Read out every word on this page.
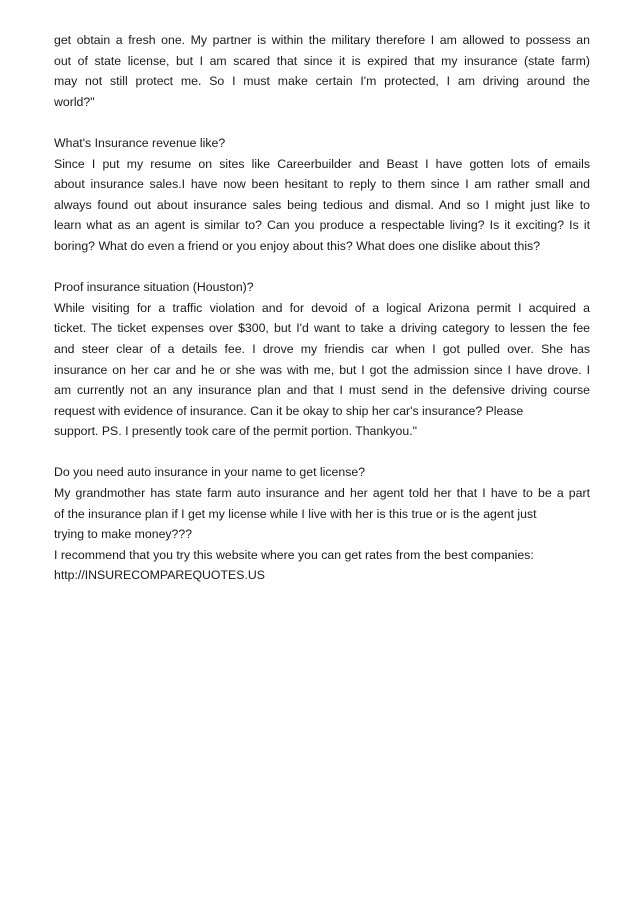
get obtain a fresh one. My partner is within the military therefore I am allowed to possess an
out of state license, but I am scared that since it is expired that my insurance (state farm)
may not still protect me. So I must make certain I'm protected, I am driving around the
world?"
What's Insurance revenue like?
Since I put my resume on sites like Careerbuilder and Beast I have gotten lots of emails
about insurance sales.I have now been hesitant to reply to them since I am rather small and
always found out about insurance sales being tedious and dismal. And so I might just like to
learn what as an agent is similar to? Can you produce a respectable living? Is it exciting? Is it
boring? What do even a friend or you enjoy about this? What does one dislike about this?
Proof insurance situation (Houston)?
While visiting for a traffic violation and for devoid of a logical Arizona permit I acquired a
ticket. The ticket expenses over $300, but I'd want to take a driving category to lessen the fee
and steer clear of a details fee. I drove my friendis car when I got pulled over. She has
insurance on her car and he or she was with me, but I got the admission since I have drove. I
am currently not an any insurance plan and that I must send in the defensive driving course
request with evidence of insurance. Can it be okay to ship her car's insurance? Please
support. PS. I presently took care of the permit portion. Thankyou."
Do you need auto insurance in your name to get license?
My grandmother has state farm auto insurance and her agent told her that I have to be a part
of the insurance plan if I get my license while I live with her is this true or is the agent just
trying to make money???
I recommend that you try this website where you can get rates from the best companies:
http://INSURECOMPAREQUOTES.US
